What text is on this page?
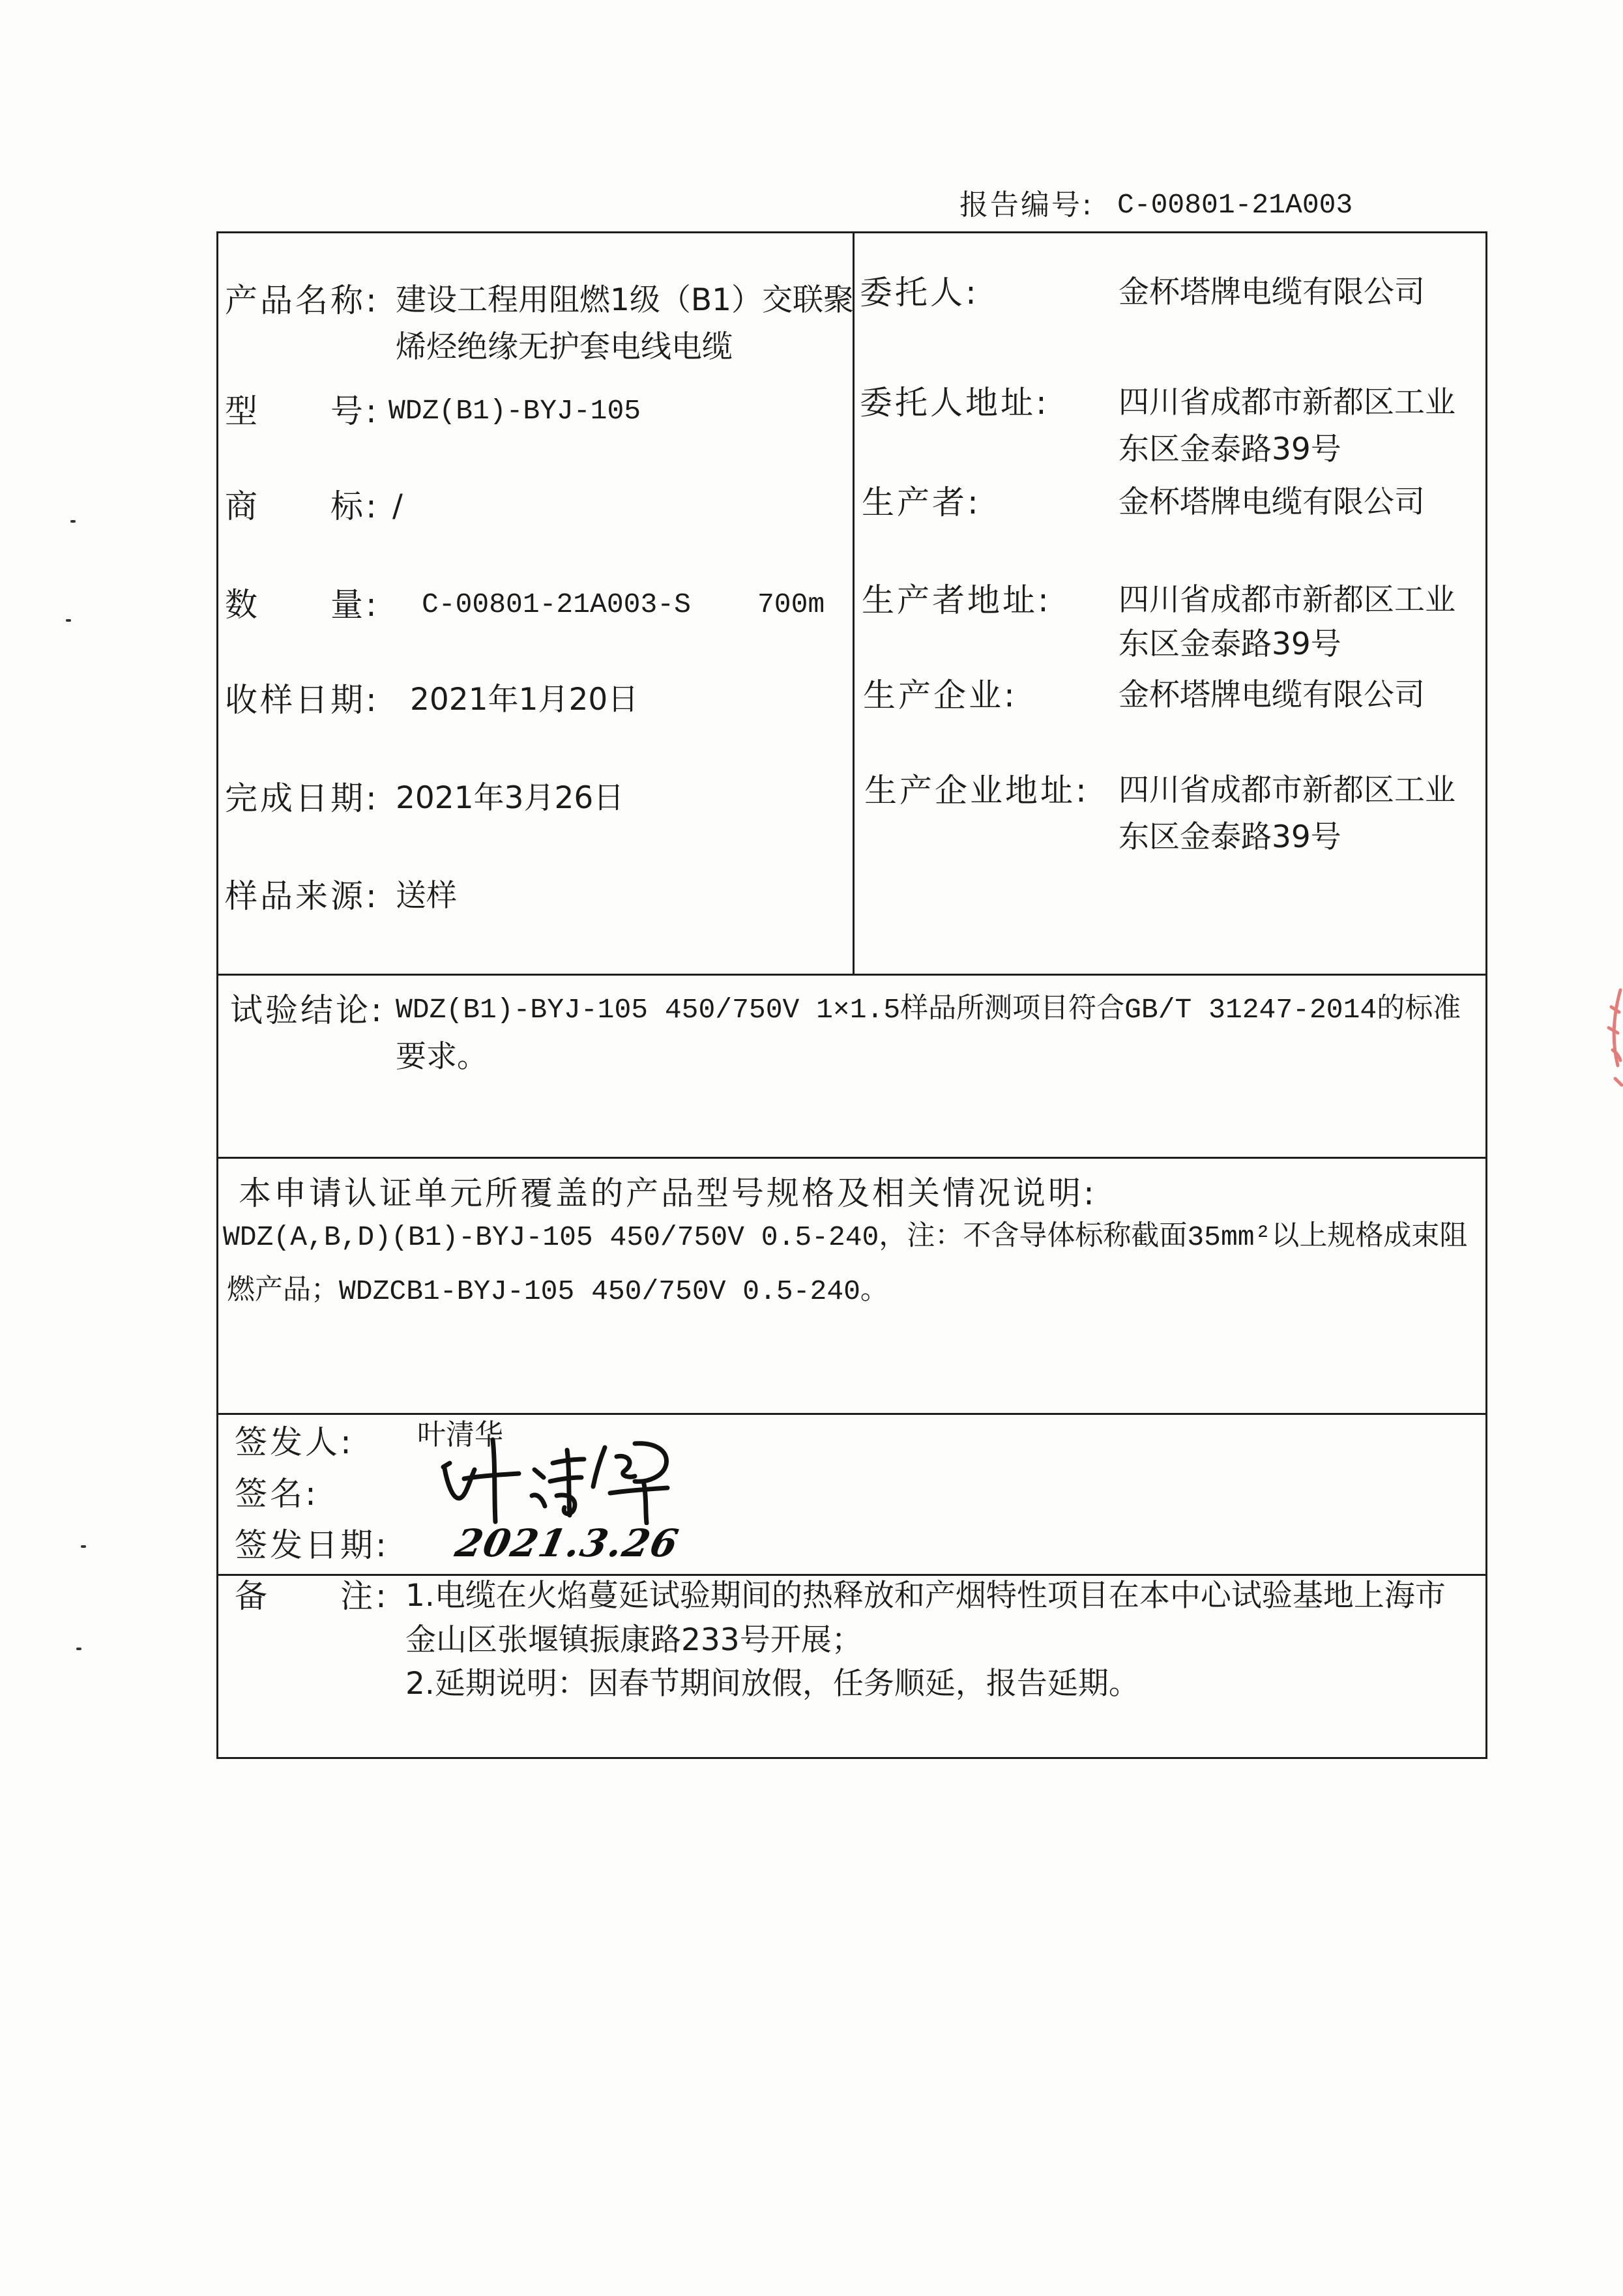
报告编号: C-00801-21A003
产品名称: 建设工程用阻燃1级（B1）交联聚
烯烃绝缘无护套电线电缆
型　　号: WDZ(B1)-BYJ-105
商　　标: /
数　　量: C-00801-21A003-S 700m
收样日期: 2021年1月20日
完成日期: 2021年3月26日
样品来源: 送样
委托人:	金杯塔牌电缆有限公司
委托人地址: 四川省成都市新都区工业
东区金泰路39号
生产者:	金杯塔牌电缆有限公司
生产者地址: 四川省成都市新都区工业
东区金泰路39号
生产企业:	金杯塔牌电缆有限公司
生产企业地址: 四川省成都市新都区工业
东区金泰路39号
试验结论: WDZ(B1)-BYJ-105 450/750V 1×1.5样品所测项目符合GB/T 31247-2014的标准
要求。
本申请认证单元所覆盖的产品型号规格及相关情况说明:
WDZ(A,B,D)(B1)-BYJ-105 450/750V 0.5-240，注：不含导体标称截面35mm²以上规格成束阻
燃产品；WDZCB1-BYJ-105 450/750V 0.5-240。
签发人: 叶清华
签名:
签发日期: 2021.3.26
备　　注: 1.电缆在火焰蔓延试验期间的热释放和产烟特性项目在本中心试验基地上海市
金山区张堰镇振康路233号开展；
2.延期说明：因春节期间放假，任务顺延，报告延期。
